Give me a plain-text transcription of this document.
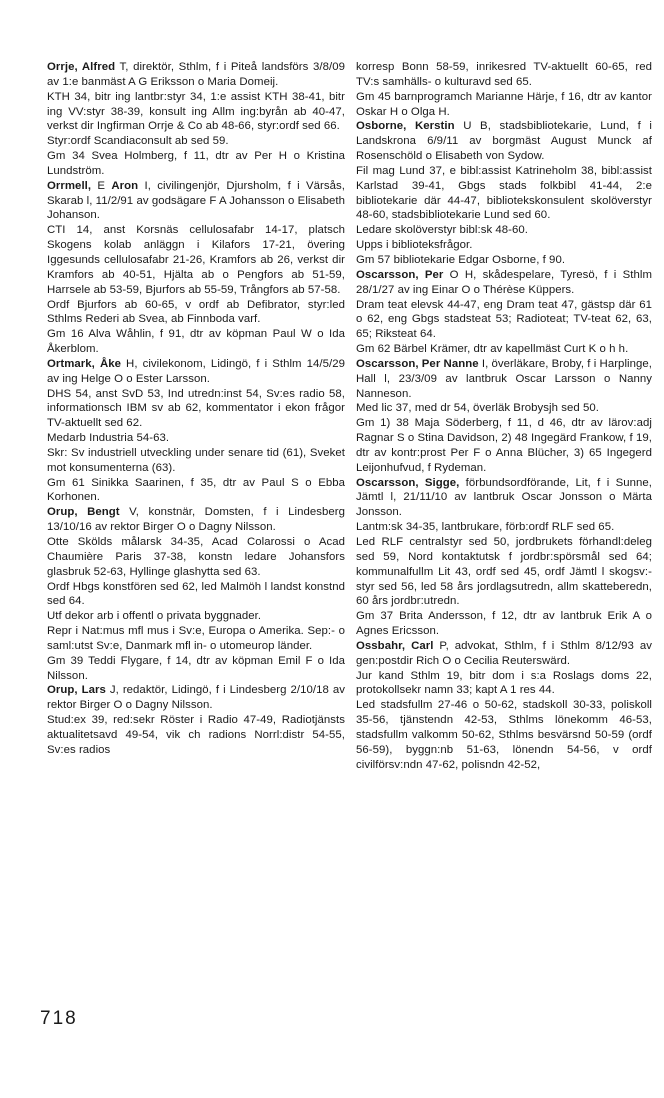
Orrje, Alfred T, direktör, Sthlm, f i Piteå landsförs 3/8/09 av 1:e banmäst A G Eriksson o Maria Domeij.

KTH 34, bitr ing lantbr:styr 34, 1:e assist KTH 38-41, bitr ing VV:styr 38-39, konsult ing Allm ing:byrån ab 40-47, verkst dir Ingfirman Orrje & Co ab 48-66, styr:ordf sed 66.

Styr:ordf Scandiaconsult ab sed 59.

Gm 34 Svea Holmberg, f 11, dtr av Per H o Kristina Lundström.

Orrmell, E Aron I, civilingenjör, Djursholm, f i Värsås, Skarab l, 11/2/91 av godsägare F A Johansson o Elisabeth Johanson.

CTI 14, anst Korsnäs cellulosafabr 14-17, platsch Skogens kolab anläggn i Kilafors 17-21, övering Iggesunds cellulosafabr 21-26, Kramfors ab 26, verkst dir Kramfors ab 40-51, Hjälta ab o Pengfors ab 51-59, Harrsele ab 53-59, Bjurfors ab 55-59, Trångfors ab 57-58.

Ordf Bjurfors ab 60-65, v ordf ab Defibrator, styr:led Sthlms Rederi ab Svea, ab Finnboda varf.

Gm 16 Alva Wåhlin, f 91, dtr av köpman Paul W o Ida Åkerblom.

Ortmark, Åke H, civilekonom, Lidingö, f i Sthlm 14/5/29 av ing Helge O o Ester Larsson.

DHS 54, anst SvD 53, Ind utredn:inst 54, Sv:es radio 58, informationsch IBM sv ab 62, kommentator i ekon frågor TV-aktuellt sed 62.

Medarb Industria 54-63.

Skr: Sv industriell utveckling under senare tid (61), Sveket mot konsumenterna (63).

Gm 61 Sinikka Saarinen, f 35, dtr av Paul S o Ebba Korhonen.

Orup, Bengt V, konstnär, Domsten, f i Lindesberg 13/10/16 av rektor Birger O o Dagny Nilsson.

Otte Skölds målarsk 34-35, Acad Colarossi o Acad Chaumière Paris 37-38, konstn ledare Johansfors glasbruk 52-63, Hyllinge glashytta sed 63.

Ordf Hbgs konstfören sed 62, led Malmöh l landst konstnd sed 64.

Utf dekor arb i offentl o privata byggnader.

Repr i Nat:mus mfl mus i Sv:e, Europa o Amerika. Sep:- o saml:utst Sv:e, Danmark mfl in- o utomeurop länder.

Gm 39 Teddi Flygare, f 14, dtr av köpman Emil F o Ida Nilsson.

Orup, Lars J, redaktör, Lidingö, f i Lindesberg 2/10/18 av rektor Birger O o Dagny Nilsson.

Stud:ex 39, red:sekr Röster i Radio 47-49, Radiotjänsts aktualitetsavd 49-54, vik ch radions Norrl:distr 54-55, Sv:es radios

korresp Bonn 58-59, inrikesred TV-aktuellt 60-65, red TV:s samhälls- o kulturavd sed 65.

Gm 45 barnprogramch Marianne Härje, f 16, dtr av kantor Oskar H o Olga H.

Osborne, Kerstin U B, stadsbibliotekarie, Lund, f i Landskrona 6/9/11 av borgmäst August Munck af Rosenschöld o Elisabeth von Sydow.

Fil mag Lund 37, e bibl:assist Katrineholm 38, bibl:assist Karlstad 39-41, Gbgs stads folkbibl 41-44, 2:e bibliotekarie där 44-47, bibliotekskonsulent skolöverstyr 48-60, stadsbibliotekarie Lund sed 60.

Ledare skolöverstyr bibl:sk 48-60.

Upps i biblioteksfrågor.

Gm 57 bibliotekarie Edgar Osborne, f 90.

Oscarsson, Per O H, skådespelare, Tyresö, f i Sthlm 28/1/27 av ing Einar O o Thérèse Küppers.

Dram teat elevsk 44-47, eng Dram teat 47, gästsp där 61 o 62, eng Gbgs stadsteat 53; Radioteat; TV-teat 62, 63, 65; Riksteat 64.

Gm 62 Bärbel Krämer, dtr av kapellmäst Curt K o h h.

Oscarsson, Per Nanne I, överläkare, Broby, f i Harplinge, Hall l, 23/3/09 av lantbruk Oscar Larsson o Nanny Nanneson.

Med lic 37, med dr 54, överläk Brobysjh sed 50.

Gm 1) 38 Maja Söderberg, f 11, d 46, dtr av lärov:adj Ragnar S o Stina Davidson, 2) 48 Ingegärd Frankow, f 19, dtr av kontr:prost Per F o Anna Blücher, 3) 65 Ingegerd Leijonhufvud, f Rydeman.

Oscarsson, Sigge, förbundsordförande, Lit, f i Sunne, Jämtl l, 21/11/10 av lantbruk Oscar Jonsson o Märta Jonsson.

Lantm:sk 34-35, lantbrukare, förb:ordf RLF sed 65.

Led RLF centralstyr sed 50, jordbrukets förhandl:deleg sed 59, Nord kontaktutsk f jordbr:spörsmål sed 64; kommunalfullm Lit 43, ordf sed 45, ordf Jämtl l skogsv:-styr sed 56, led 58 års jordlagsutredn, allm skatteberedn, 60 års jordbr:utredn.

Gm 37 Brita Andersson, f 12, dtr av lantbruk Erik A o Agnes Ericsson.

Ossbahr, Carl P, advokat, Sthlm, f i Sthlm 8/12/93 av gen:postdir Rich O o Cecilia Reuterswärd.

Jur kand Sthlm 19, bitr dom i s:a Roslags doms 22, protokollsekr namn 33; kapt A 1 res 44.

Led stadsfullm 27-46 o 50-62, stadskoll 30-33, poliskoll 35-56, tjänstendn 42-53, Sthlms lönekomm 46-53, stadsfullm valkomm 50-62, Sthlms besvärsnd 50-59 (ordf 56-59), byggn:nb 51-63, lönendn 54-56, v ordf civilförsv:ndn 47-62, polisndn 42-52,

718
